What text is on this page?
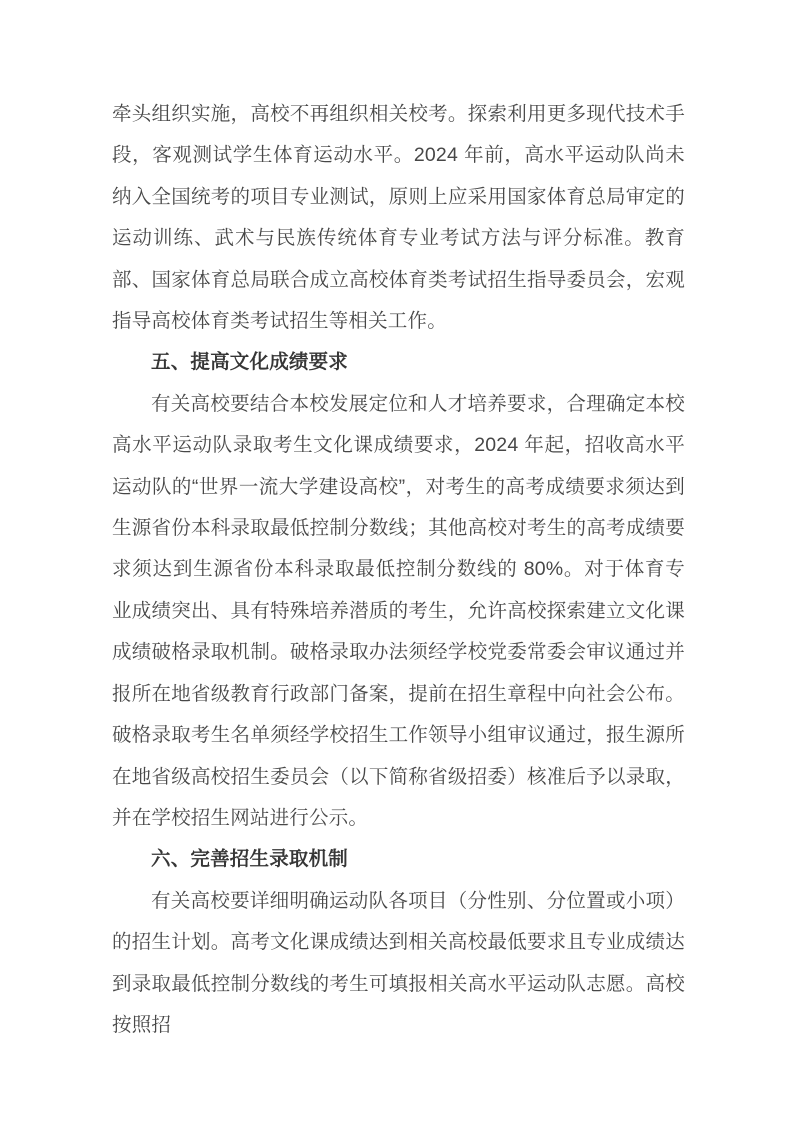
牵头组织实施，高校不再组织相关校考。探索利用更多现代技术手段，客观测试学生体育运动水平。2024 年前，高水平运动队尚未纳入全国统考的项目专业测试，原则上应采用国家体育总局审定的运动训练、武术与民族传统体育专业考试方法与评分标准。教育部、国家体育总局联合成立高校体育类考试招生指导委员会，宏观指导高校体育类考试招生等相关工作。

五、提高文化成绩要求

有关高校要结合本校发展定位和人才培养要求，合理确定本校高水平运动队录取考生文化课成绩要求，2024 年起，招收高水平运动队的“世界一流大学建设高校”，对考生的高考成绩要求须达到生源省份本科录取最低控制分数线；其他高校对考生的高考成绩要求须达到生源省份本科录取最低控制分数线的 80%。对于体育专业成绩突出、具有特殊培养潜质的考生，允许高校探索建立文化课成绩破格录取机制。破格录取办法须经学校党委常委会审议通过并报所在地省级教育行政部门备案，提前在招生章程中向社会公布。破格录取考生名单须经学校招生工作领导小组审议通过，报生源所在地省级高校招生委员会（以下简称省级招委）核准后予以录取，并在学校招生网站进行公示。

六、完善招生录取机制

有关高校要详细明确运动队各项目（分性别、分位置或小项）的招生计划。高考文化课成绩达到相关高校最低要求且专业成绩达到录取最低控制分数线的考生可填报相关高水平运动队志愿。高校按照招
